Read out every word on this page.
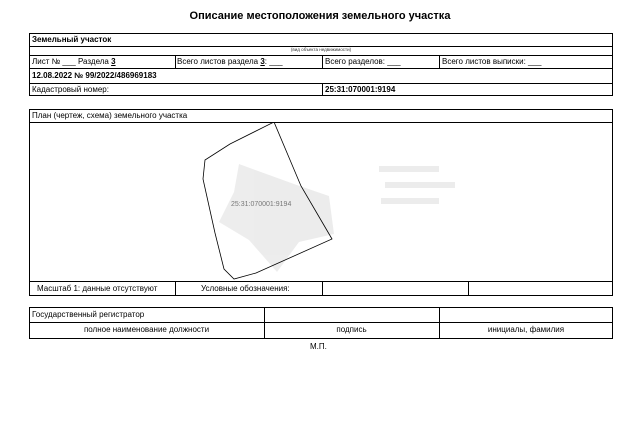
Описание местоположения земельного участка
Земельный участок
(вид объекта недвижимости)
Лист № ___ Раздела 3	Всего листов раздела 3: ___	Всего разделов: ___	Всего листов выписки: ___
12.08.2022 № 99/2022/486969183
Кадастровый номер:	25:31:070001:9194
План (чертеж, схема) земельного участка
25:31:070001:9194
Масштаб 1: данные отсутствуют	Условные обозначения:
Государственный регистратор
полное наименование должности	подпись	инициалы, фамилия
М.П.
